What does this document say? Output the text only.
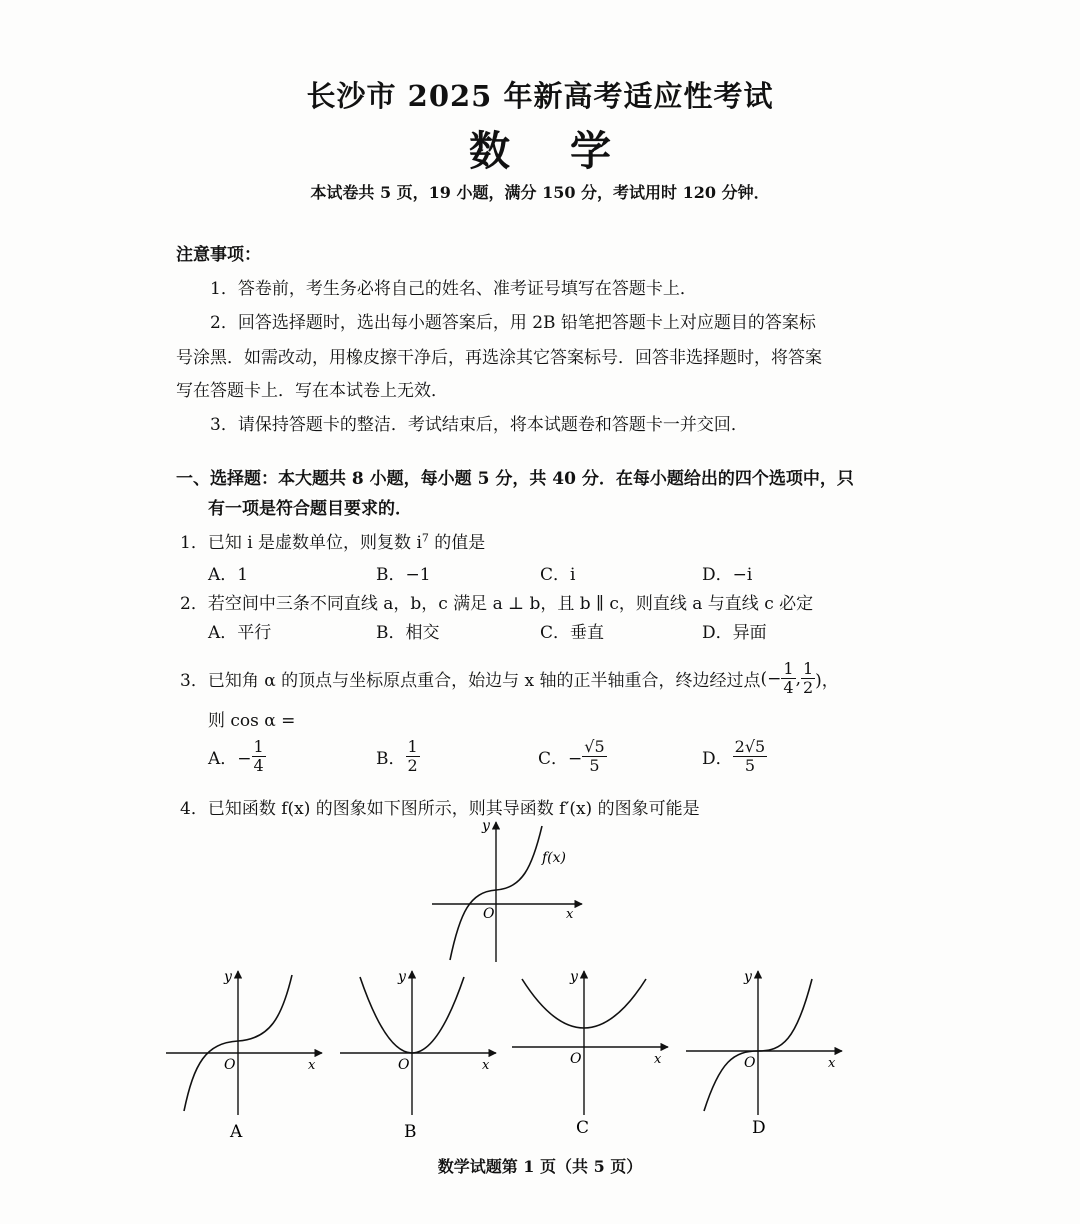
长沙市 2025 年新高考适应性考试
数学
本试卷共 5 页，19 小题，满分 150 分，考试用时 120 分钟．
注意事项：
1．答卷前，考生务必将自己的姓名、准考证号填写在答题卡上．
2．回答选择题时，选出每小题答案后，用 2B 铅笔把答题卡上对应题目的答案标
号涂黑．如需改动，用橡皮擦干净后，再选涂其它答案标号．回答非选择题时，将答案
写在答题卡上．写在本试卷上无效．
3．请保持答题卡的整洁．考试结束后，将本试题卷和答题卡一并交回．
一、选择题：本大题共 8 小题，每小题 5 分，共 40 分．在每小题给出的四个选项中，只
有一项是符合题目要求的．
1．已知 i 是虚数单位，则复数 $i^7$ 的值是
A．1	B．−1	C．i	D．−i
2．若空间中三条不同直线 a，b，c 满足 a ⊥ b，且 b ∥ c，则直线 a 与直线 c 必定
A．平行	B．相交	C．垂直	D．异面
3．已知角 α 的顶点与坐标原点重合，始边与 x 轴的正半轴重合，终边经过点 (− $\frac{1}{4}$ , $\frac{1}{2}$ )，
则 cos α =
A．− $\frac{1}{4}$	B． $\frac{1}{2}$	C．− $\frac{√5}{5}$	D． $\frac{2√5}{5}$
4．已知函数 f(x) 的图象如下图所示，则其导函数 f′(x) 的图象可能是
y
x
O
f(x)
y
x
O
A
y
x
O
B
y
x
O
C
y
x
O
D
数学试题第 1 页（共 5 页）
